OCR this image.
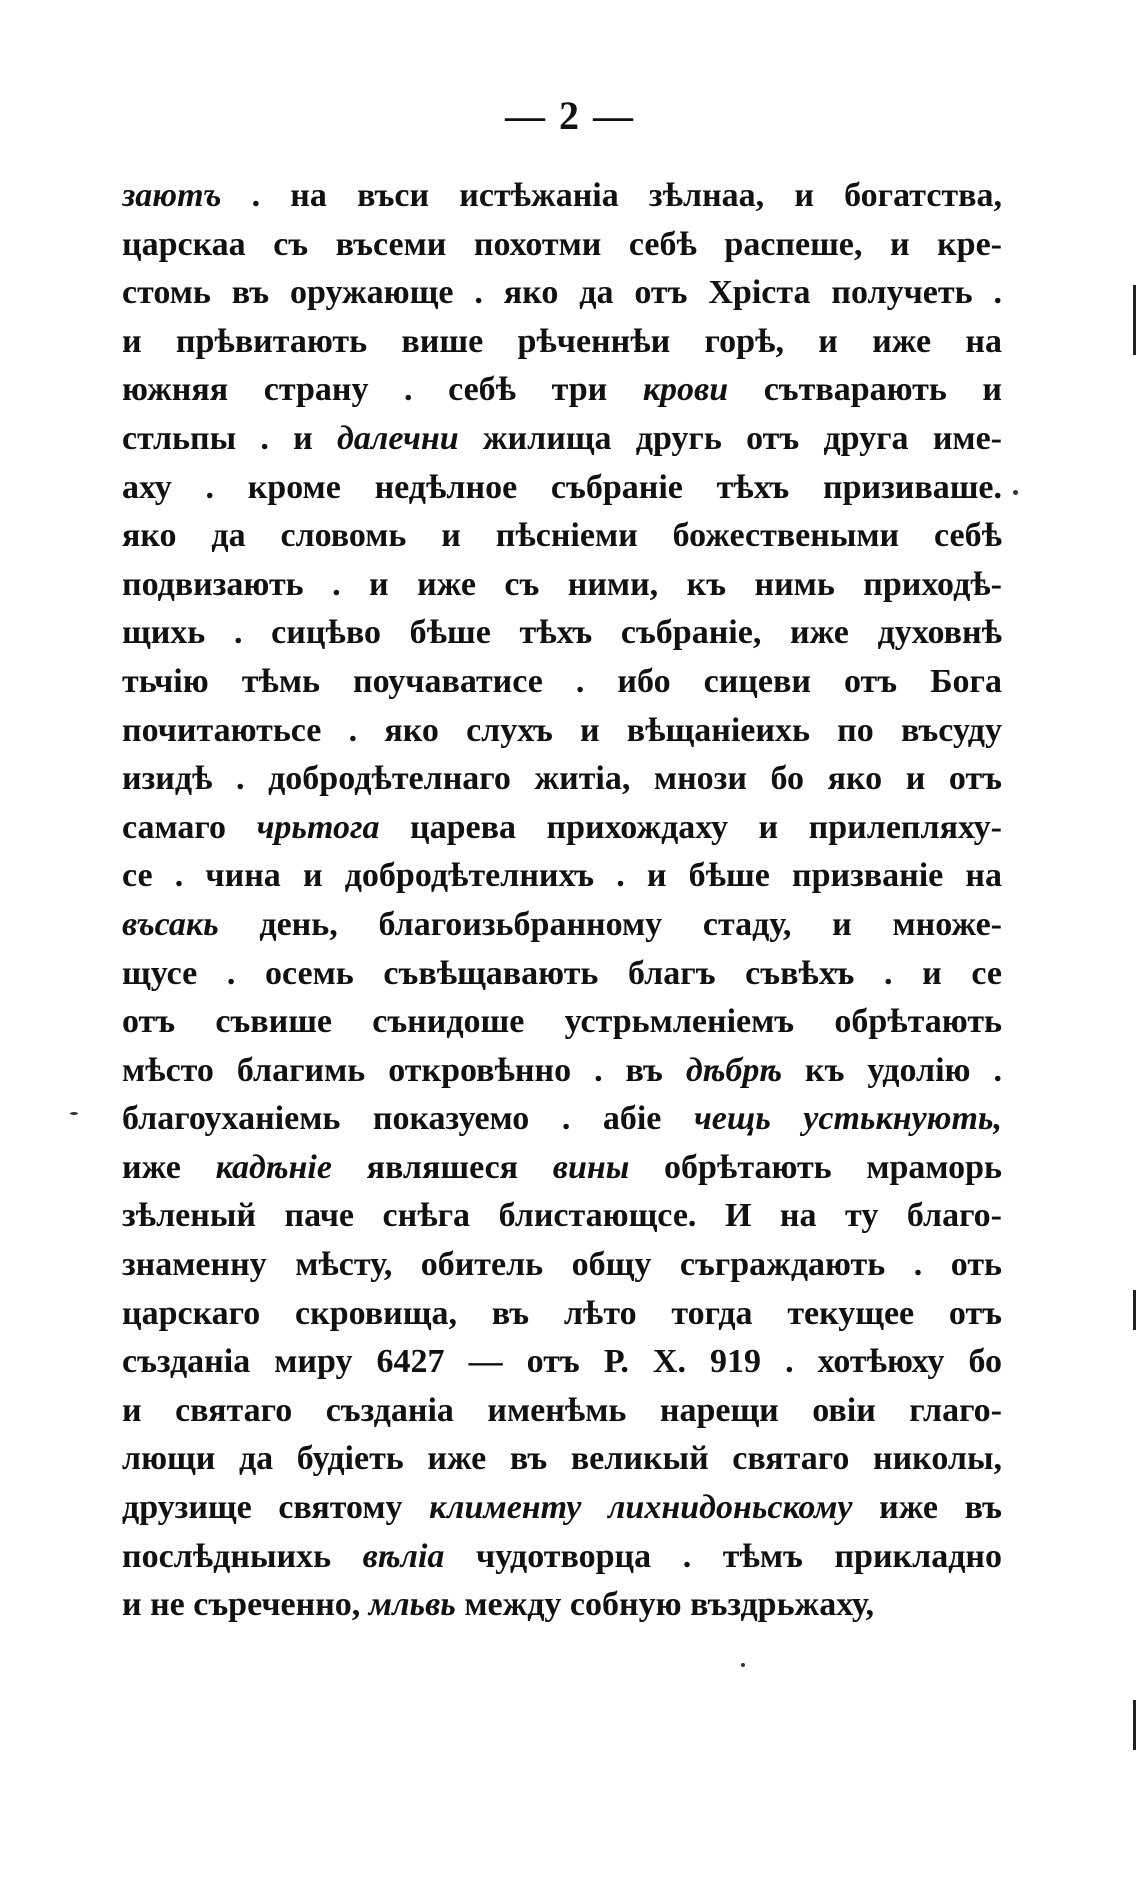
— 2 —
заютъ . на въси истѣжаніа зѣлнаа, и богатства,
царскаа съ въсеми похотми себѣ распеше, и кре-
стомь въ оружающе . яко да отъ Хріста получеть .
и прѣвитають више рѣченнѣи горѣ, и иже на
южняя страну . себѣ три крови сътварають и
стльпы . и далечни жилища другь отъ друга име-
аху . кроме недѣлное събраніе тѣхъ призиваше.
яко да словомь и пѣсніеми божествеными себѣ
подвизають . и иже съ ними, къ нимь приходѣ-
щихь . сицѣво бѣше тѣхъ събраніе, иже духовнѣ
тьчію тѣмь поучаватисе . ибо сицеви отъ Бога
почитаютьсе . яко слухъ и вѣщаніеихь по въсуду
изидѣ . добродѣтелнаго житіа, мнози бо яко и отъ
самаго чрьтога царева прихождаху и прилепляху-
се . чина и добродѣтелнихъ . и бѣше призваніе на
въсакь день, благоизьбранному стаду, и множе-
щусе . осемь съвѣщавають благъ съвѣхъ . и се
отъ съвише сънидоше устрьмленіемъ обрѣтають
мѣсто благимь откровѣнно . въ дѣбрѣ къ удолію .
благоуханіемь показуемо . абіе чещь устькнують,
иже кадѣніе являшеся вины обрѣтають мраморь
зѣленый паче снѣга блистающсе. И на ту благо-
знаменну мѣсту, обитель общу съграждають . оть
царскаго скровища, въ лѣто тогда текущее отъ
създаніа миру 6427 — отъ Р. Х. 919 . хотѣюху бо
и святаго създаніа именѣмь нарещи овіи глаго-
лющи да будіеть иже въ великый святаго николы,
друзище святому клименту лихнидоньскому иже въ
послѣдныихь вѣліа чудотворца . тѣмъ прикладно
и не съреченно, мльвь между собную въздрьжаху,
